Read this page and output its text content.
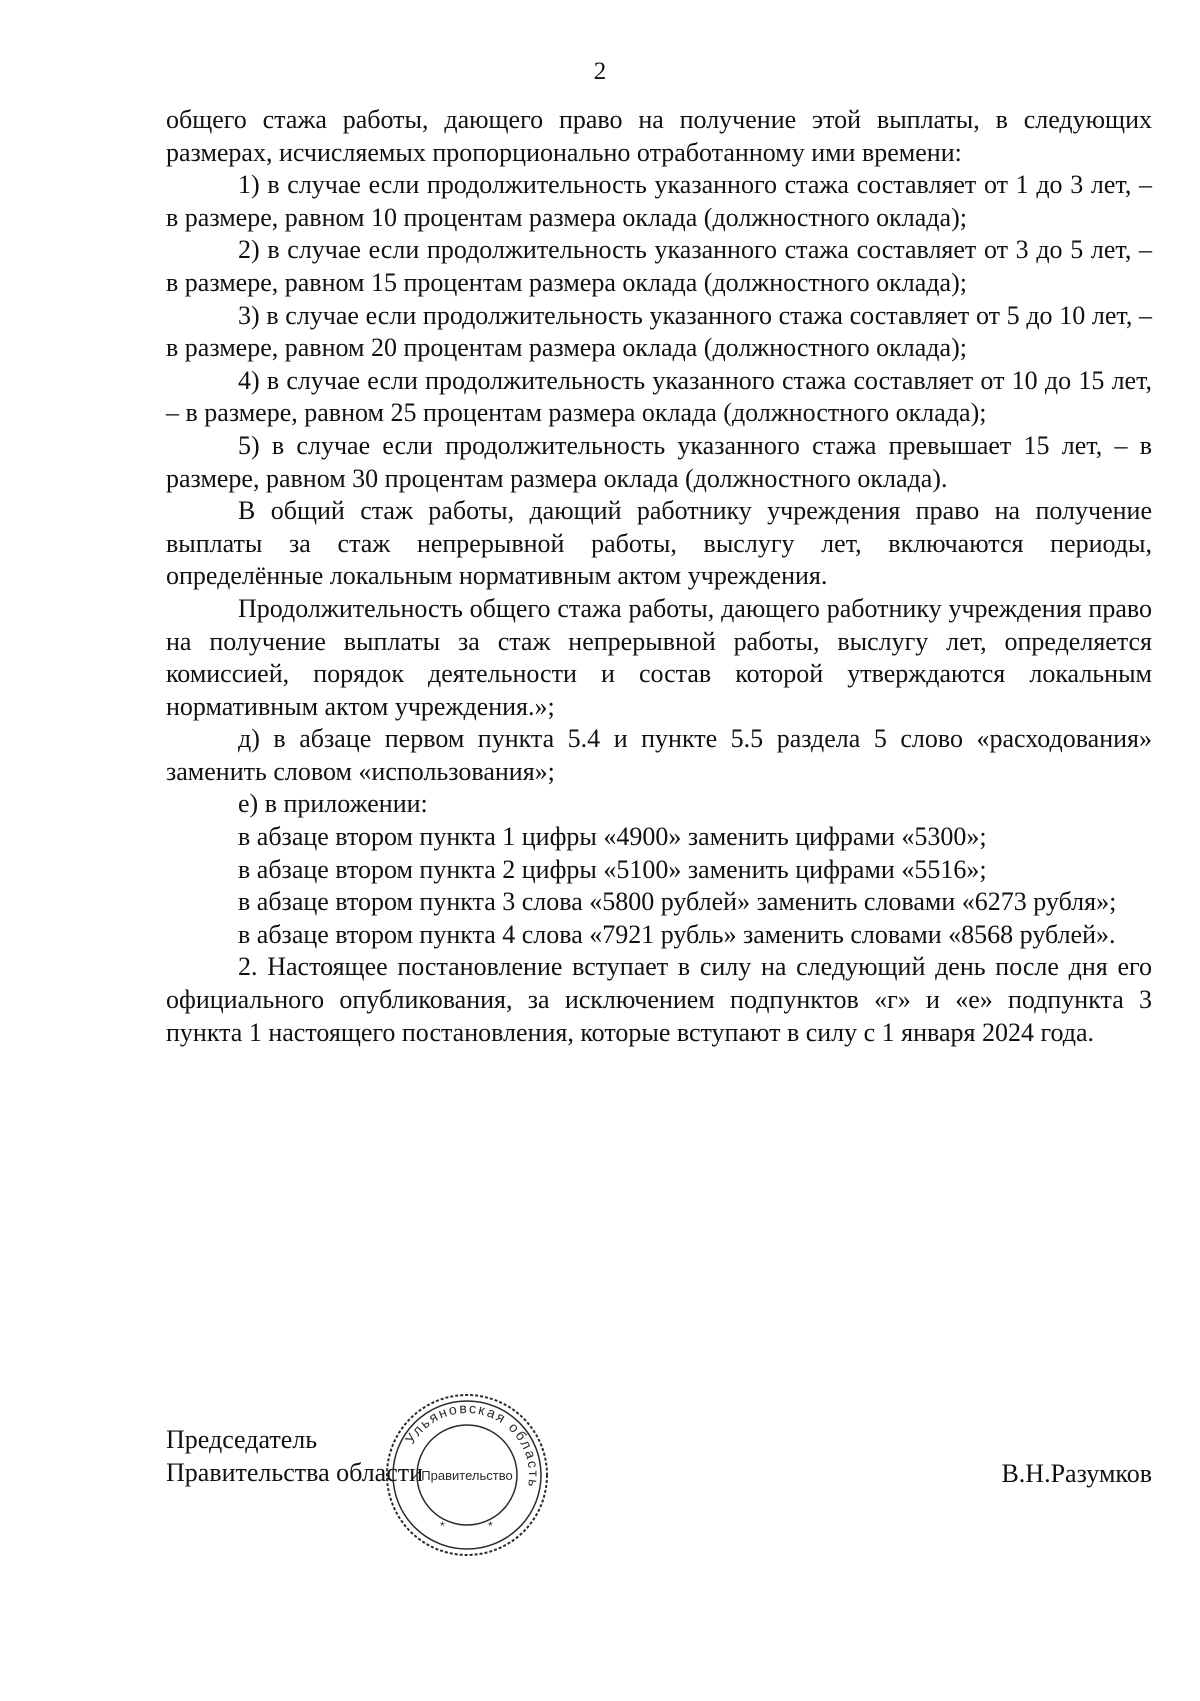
2

общего стажа работы, дающего право на получение этой выплаты, в следующих размерах, исчисляемых пропорционально отработанному ими времени:

1) в случае если продолжительность указанного стажа составляет от 1 до 3 лет, – в размере, равном 10 процентам размера оклада (должностного оклада);

2) в случае если продолжительность указанного стажа составляет от 3 до 5 лет, – в размере, равном 15 процентам размера оклада (должностного оклада);

3) в случае если продолжительность указанного стажа составляет от 5 до 10 лет, – в размере, равном 20 процентам размера оклада (должностного оклада);

4) в случае если продолжительность указанного стажа составляет от 10 до 15 лет, – в размере, равном 25 процентам размера оклада (должностного оклада);

5) в случае если продолжительность указанного стажа превышает 15 лет, – в размере, равном 30 процентам размера оклада (должностного оклада).

В общий стаж работы, дающий работнику учреждения право на получение выплаты за стаж непрерывной работы, выслугу лет, включаются периоды, определённые локальным нормативным актом учреждения.

Продолжительность общего стажа работы, дающего работнику учреждения право на получение выплаты за стаж непрерывной работы, выслугу лет, определяется комиссией, порядок деятельности и состав которой утверждаются локальным нормативным актом учреждения.»;

д) в абзаце первом пункта 5.4 и пункте 5.5 раздела 5 слово «расходования» заменить словом «использования»;

е) в приложении:

в абзаце втором пункта 1 цифры «4900» заменить цифрами «5300»;

в абзаце втором пункта 2 цифры «5100» заменить цифрами «5516»;

в абзаце втором пункта 3 слова «5800 рублей» заменить словами «6273 рубля»;

в абзаце втором пункта 4 слова «7921 рубль» заменить словами «8568 рублей».

2. Настоящее постановление вступает в силу на следующий день после дня его официального опубликования, за исключением подпунктов «г» и «е» подпункта 3 пункта 1 настоящего постановления, которые вступают в силу с 1 января 2024 года.

Председатель
Правительства области	В.Н.Разумков
Ульяновская область
Правительство
*	*
